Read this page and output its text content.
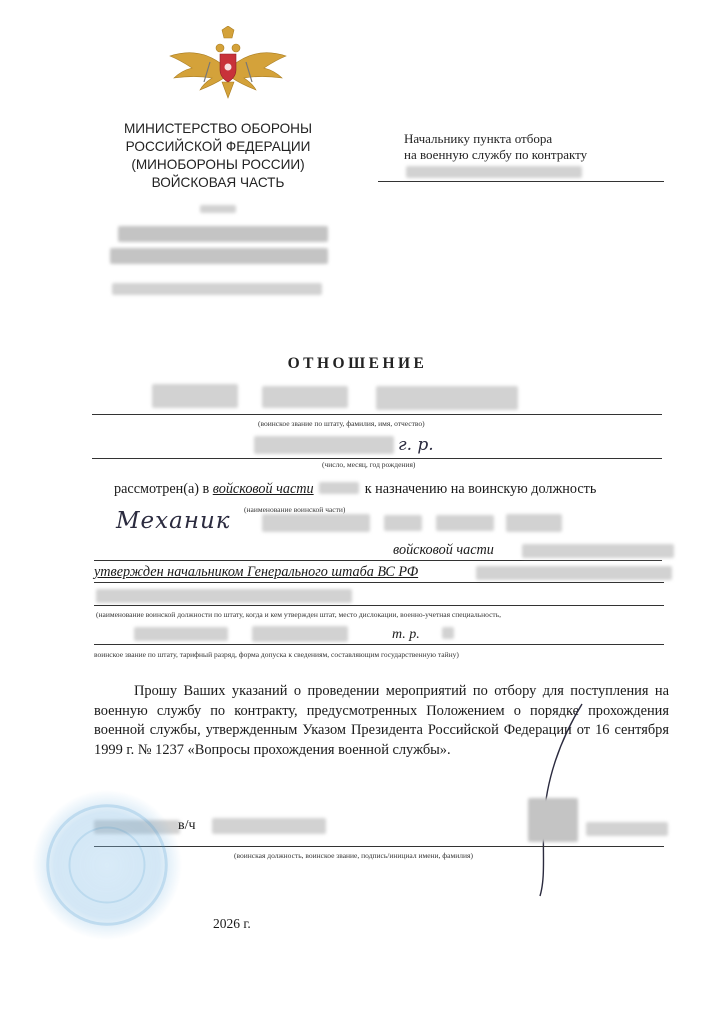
МИНИСТЕРСТВО ОБОРОНЫ
РОССИЙСКОЙ ФЕДЕРАЦИИ
(МИНОБОРОНЫ РОССИИ)
ВОЙСКОВАЯ ЧАСТЬ
Начальнику пункта отбора
на военную службу по контракту
ОТНОШЕНИЕ
(воинское звание по штату, фамилия, имя, отчество)
г. р.
(число, месяц, год рождения)
рассмотрен(а) в войсковой части	к назначению на воинскую должность
(наименование воинской части)
Механик
войсковой части
утвержден начальником Генерального штаба ВС РФ
(наименование воинской должности по штату, когда и кем утвержден штат, место дислокации, военно-учетная специальность,
т. р.
воинское звание по штату, тарифный разряд, форма допуска к сведениям, составляющим государственную тайну)
Прошу Ваших указаний о проведении мероприятий по отбору для поступления на военную службу по контракту, предусмотренных Положением о порядке прохождения военной службы, утвержденным Указом Президента Российской Федерации от 16 сентября 1999 г. № 1237 «Вопросы прохождения военной службы».
в/ч
(воинская должность, воинское звание, подпись/инициал имени, фамилия)
2026 г.
